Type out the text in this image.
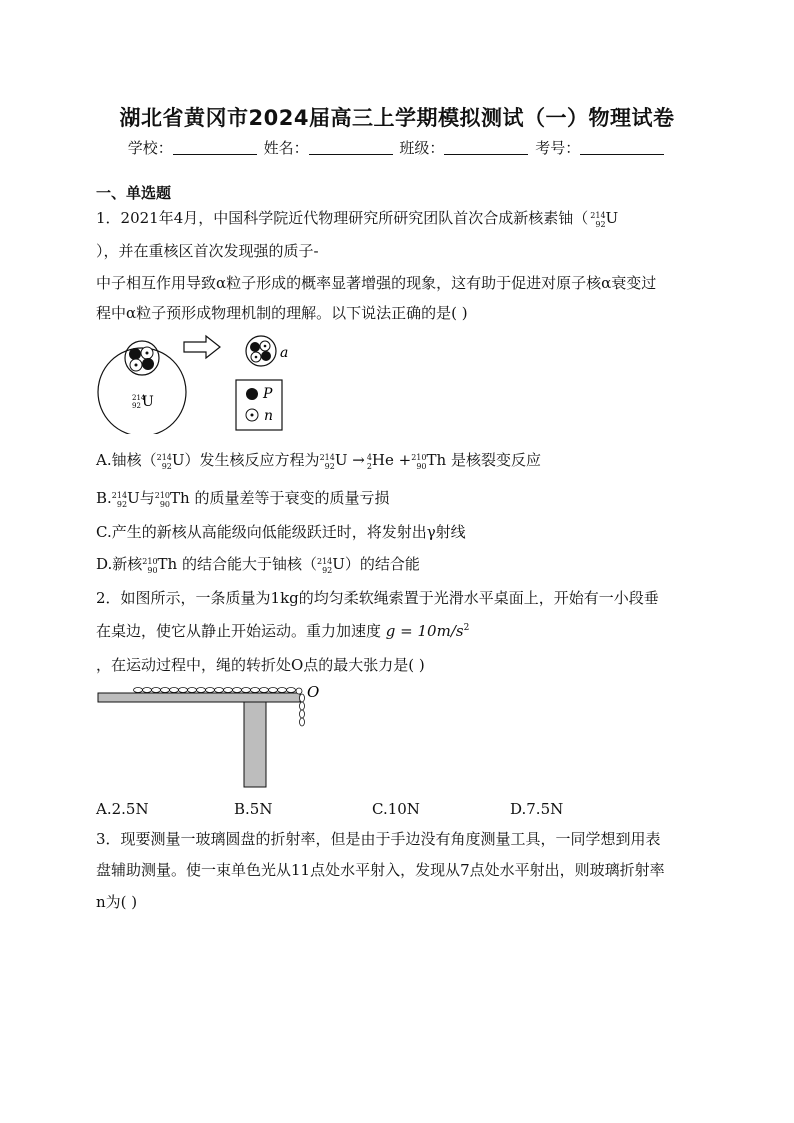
湖北省黄冈市2024届高三上学期模拟测试（一）物理试卷
学校：	姓名：	班级：	考号：
一、单选题
1．2021年4月，中国科学院近代物理研究所研究团队首次合成新核素铀（ 214
92U
），并在重核区首次发现强的质子-
中子相互作用导致α粒子形成的概率显著增强的现象，这有助于促进对原子核α衰变过
程中α粒子预形成物理机制的理解。以下说法正确的是( )
214
92 U
a
P
n
A.铀核（214
92U）发生核反应方程为214
92U → 4
2He +210
90Th 是核裂变反应
B.214
92U与210
90Th 的质量差等于衰变的质量亏损
C.产生的新核从高能级向低能级跃迁时，将发射出γ射线
D.新核210
90Th 的结合能大于铀核（214
92U）的结合能
2．如图所示，一条质量为1kg的均匀柔软绳索置于光滑水平桌面上，开始有一小段垂
在桌边，使它从静止开始运动。重力加速度 $g = 10m/s^2$
，在运动过程中，绳的转折处O点的最大张力是( )
O
A.2.5N	B.5N	C.10N	D.7.5N
3．现要测量一玻璃圆盘的折射率，但是由于手边没有角度测量工具，一同学想到用表
盘辅助测量。使一束单色光从11点处水平射入，发现从7点处水平射出，则玻璃折射率
n为( )
